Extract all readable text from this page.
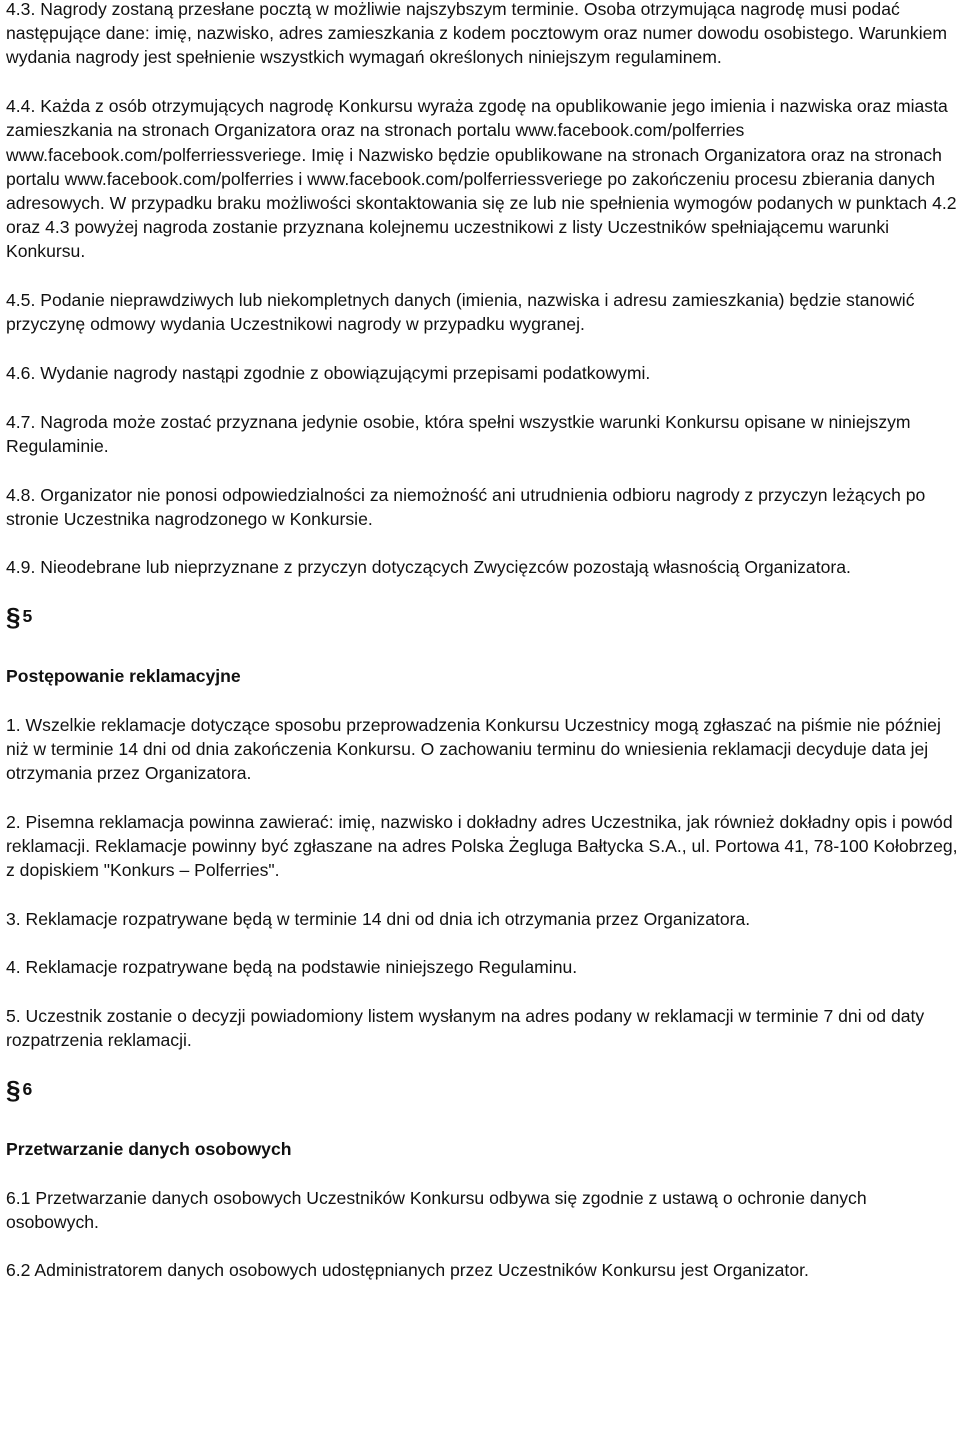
4.3. Nagrody zostaną przesłane pocztą w możliwie najszybszym terminie. Osoba otrzymująca nagrodę musi podać następujące dane: imię, nazwisko, adres zamieszkania z kodem pocztowym oraz numer dowodu osobistego. Warunkiem wydania nagrody jest spełnienie wszystkich wymagań określonych niniejszym regulaminem.

4.4. Każda z osób otrzymujących nagrodę Konkursu wyraża zgodę na opublikowanie jego imienia i nazwiska oraz miasta zamieszkania na stronach Organizatora oraz na stronach portalu www.facebook.com/polferries www.facebook.com/polferriessveriege. Imię i Nazwisko będzie opublikowane na stronach Organizatora oraz na stronach portalu www.facebook.com/polferries i www.facebook.com/polferriessveriege po zakończeniu procesu zbierania danych adresowych. W przypadku braku możliwości skontaktowania się ze lub nie spełnienia wymogów podanych w punktach 4.2 oraz 4.3 powyżej nagroda zostanie przyznana kolejnemu uczestnikowi z listy Uczestników spełniającemu warunki Konkursu.

4.5. Podanie nieprawdziwych lub niekompletnych danych (imienia, nazwiska i adresu zamieszkania) będzie stanowić przyczynę odmowy wydania Uczestnikowi nagrody w przypadku wygranej.

4.6. Wydanie nagrody nastąpi zgodnie z obowiązującymi przepisami podatkowymi.

4.7. Nagroda może zostać przyznana jedynie osobie, która spełni wszystkie warunki Konkursu opisane w niniejszym Regulaminie.

4.8. Organizator nie ponosi odpowiedzialności za niemożność ani utrudnienia odbioru nagrody z przyczyn leżących po stronie Uczestnika nagrodzonego w Konkursie.

4.9. Nieodebrane lub nieprzyznane z przyczyn dotyczących Zwycięzców pozostają własnością Organizatora.

§ 5

Postępowanie reklamacyjne

1. Wszelkie reklamacje dotyczące sposobu przeprowadzenia Konkursu Uczestnicy mogą zgłaszać na piśmie nie później niż w terminie 14 dni od dnia zakończenia Konkursu. O zachowaniu terminu do wniesienia reklamacji decyduje data jej otrzymania przez Organizatora.

2. Pisemna reklamacja powinna zawierać: imię, nazwisko i dokładny adres Uczestnika, jak również dokładny opis i powód reklamacji. Reklamacje powinny być zgłaszane na adres Polska Żegluga Bałtycka S.A., ul. Portowa 41, 78-100 Kołobrzeg, z dopiskiem "Konkurs – Polferries".

3. Reklamacje rozpatrywane będą w terminie 14 dni od dnia ich otrzymania przez Organizatora.

4. Reklamacje rozpatrywane będą na podstawie niniejszego Regulaminu.

5. Uczestnik zostanie o decyzji powiadomiony listem wysłanym na adres podany w reklamacji w terminie 7 dni od daty rozpatrzenia reklamacji.

§ 6

Przetwarzanie danych osobowych

6.1 Przetwarzanie danych osobowych Uczestników Konkursu odbywa się zgodnie z ustawą o ochronie danych osobowych.

6.2 Administratorem danych osobowych udostępnianych przez Uczestników Konkursu jest Organizator.
